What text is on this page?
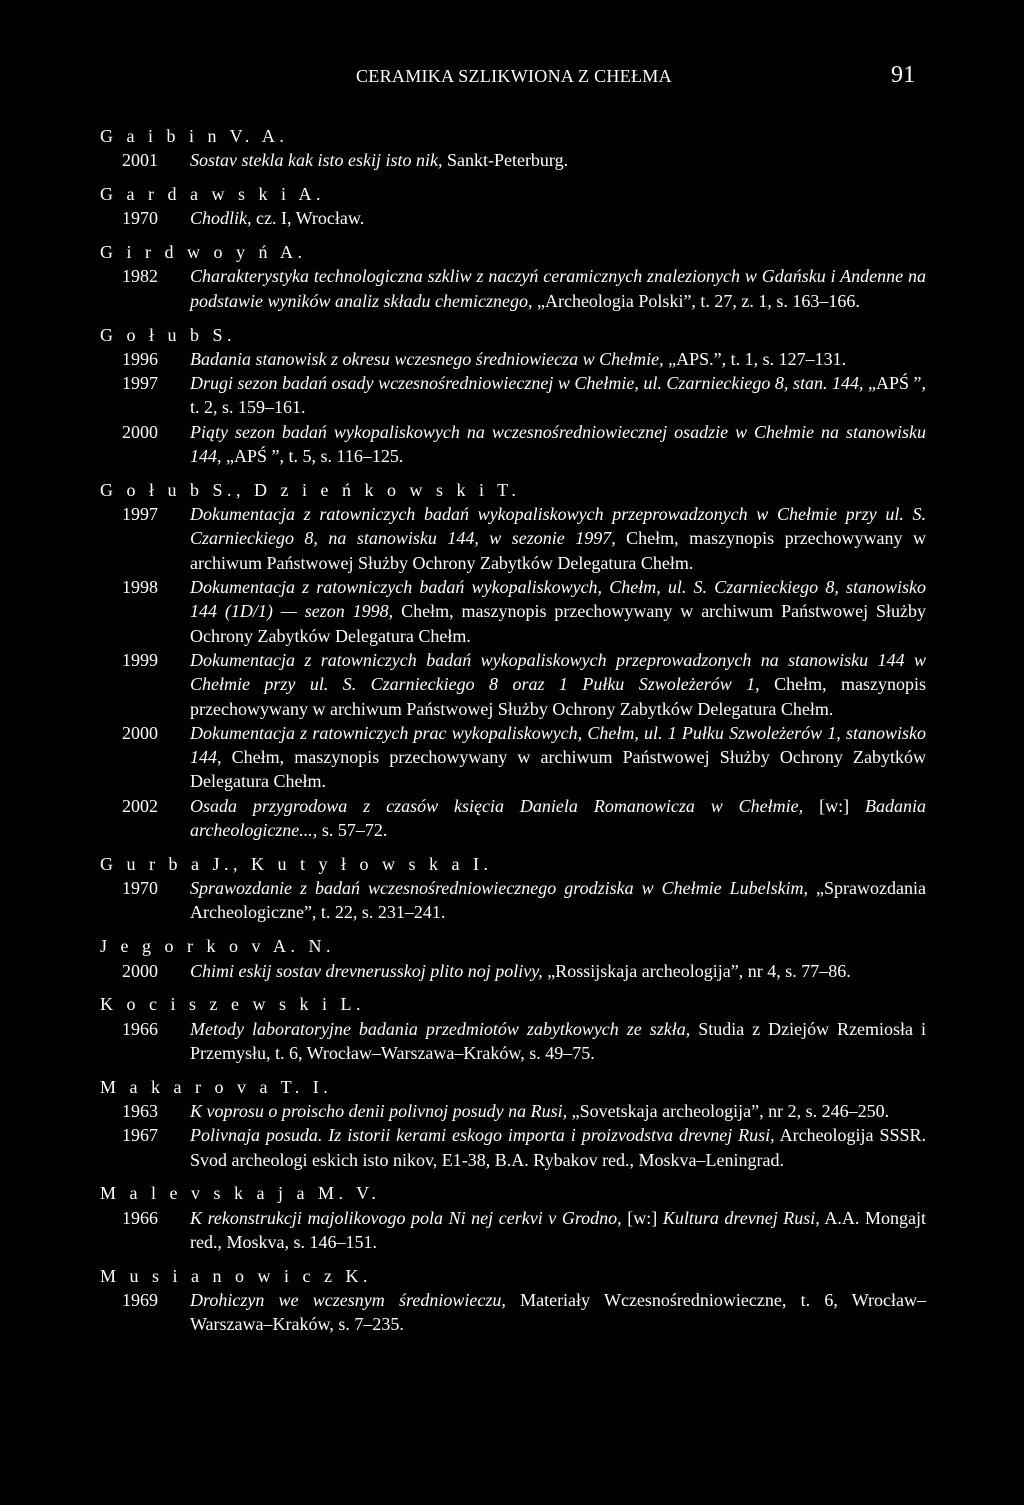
CERAMIKA SZLIKWIONA Z CHEŁMA	91
G a i b i n V. A.
2001 Sostav stekla kak isto eskij isto nik, Sankt-Peterburg.
G a r d a w s k i A.
1970 Chodlik, cz. I, Wrocław.
G i r d w o y ń A.
1982 Charakterystyka technologiczna szkliw z naczyń ceramicznych znalezionych w Gdańsku i Andenne na podstawie wyników analiz składu chemicznego, „Archeologia Polski”, t. 27, z. 1, s. 163–166.
G o ł u b S.
1996 Badania stanowisk z okresu wczesnego średniowiecza w Chełmie, „APS.”, t. 1, s. 127–131.
1997 Drugi sezon badań osady wczesnośredniowiecznej w Chełmie, ul. Czarnieckiego 8, stan. 144, „APŚ ”, t. 2, s. 159–161.
2000 Piąty sezon badań wykopaliskowych na wczesnośredniowiecznej osadzie w Chełmie na stanowisku 144, „APŚ ”, t. 5, s. 116–125.
G o ł u b S., D z i e ń k o w s k i T.
1997 Dokumentacja z ratowniczych badań wykopaliskowych przeprowadzonych w Chełmie przy ul. S. Czarnieckiego 8, na stanowisku 144, w sezonie 1997, Chełm, maszynopis przechowywany w archiwum Państwowej Służby Ochrony Zabytków Delegatura Chełm.
1998 Dokumentacja z ratowniczych badań wykopaliskowych, Chełm, ul. S. Czarnieckiego 8, stanowisko 144 (1D/1) — sezon 1998, Chełm, maszynopis przechowywany w archiwum Państwowej Służby Ochrony Zabytków Delegatura Chełm.
1999 Dokumentacja z ratowniczych badań wykopaliskowych przeprowadzonych na stanowisku 144 w Chełmie przy ul. S. Czarnieckiego 8 oraz 1 Pułku Szwoleżerów 1, Chełm, maszynopis przechowywany w archiwum Państwowej Służby Ochrony Zabytków Delegatura Chełm.
2000 Dokumentacja z ratowniczych prac wykopaliskowych, Chełm, ul. 1 Pułku Szwoleżerów 1, stanowisko 144, Chełm, maszynopis przechowywany w archiwum Państwowej Służby Ochrony Zabytków Delegatura Chełm.
2002 Osada przygrodowa z czasów księcia Daniela Romanowicza w Chełmie, [w:] Badania archeologiczne..., s. 57–72.
G u r b a J., K u t y ł o w s k a I.
1970 Sprawozdanie z badań wczesnośredniowiecznego grodziska w Chełmie Lubelskim, „Sprawozdania Archeologiczne”, t. 22, s. 231–241.
J e g o r k o v A. N.
2000 Chimi eskij sostav drevnerusskoj plito noj polivy, „Rossijskaja archeologija”, nr 4, s. 77–86.
K o c i s z e w s k i L.
1966 Metody laboratoryjne badania przedmiotów zabytkowych ze szkła, Studia z Dziejów Rzemiosła i Przemysłu, t. 6, Wrocław–Warszawa–Kraków, s. 49–75.
M a k a r o v a T. I.
1963 K voprosu o proischo denii polivnoj posudy na Rusi, „Sovetskaja archeologija”, nr 2, s. 246–250.
1967 Polivnaja posuda. Iz istorii kerami eskogo importa i proizvodstva drevnej Rusi, Archeologija SSSR. Svod archeologi eskich isto nikov, E1-38, B.A. Rybakov red., Moskva–Leningrad.
M a l e v s k a j a M. V.
1966 K rekonstrukcji majolikovogo pola Ni nej cerkvi v Grodno, [w:] Kultura drevnej Rusi, A.A. Mongajt red., Moskva, s. 146–151.
M u s i a n o w i c z K.
1969 Drohiczyn we wczesnym średniowieczu, Materiały Wczesnośredniowieczne, t. 6, Wrocław–Warszawa–Kraków, s. 7–235.
